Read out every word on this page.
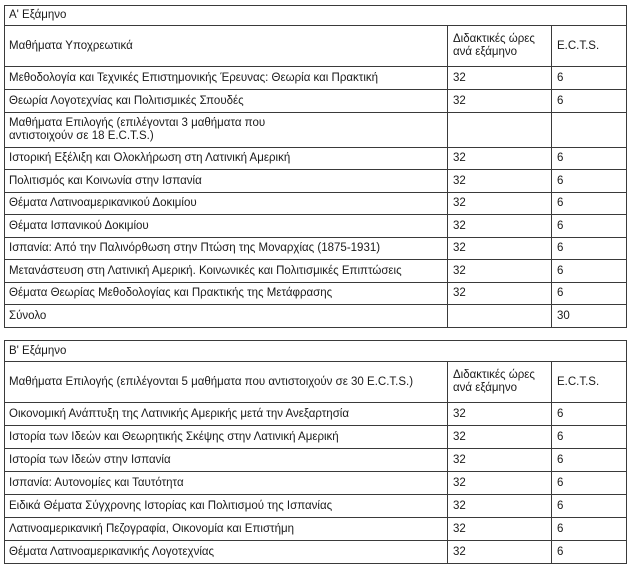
Α' Εξάμηνο		
Μαθήματα Υποχρεωτικά	Διδακτικές ώρες ανά εξάμηνο	E.C.T.S.
Μεθοδολογία και Τεχνικές Επιστημονικής Έρευνας: Θεωρία και Πρακτική	32	6
Θεωρία Λογοτεχνίας και Πολιτισμικές Σπουδές	32	6
Μαθήματα Επιλογής (επιλέγονται 3 μαθήματα που αντιστοιχούν σε 18 E.C.T.S.)		
Ιστορική Εξέλιξη και Ολοκλήρωση στη Λατινική Αμερική	32	6
Πολιτισμός και Κοινωνία στην Ισπανία	32	6
Θέματα Λατινοαμερικανικού Δοκιμίου	32	6
Θέματα Ισπανικού Δοκιμίου	32	6
Ισπανία: Από την Παλινόρθωση στην Πτώση της Μοναρχίας (1875-1931)	32	6
Μετανάστευση στη Λατινική Αμερική. Κοινωνικές και Πολιτισμικές Επιπτώσεις	32	6
Θέματα Θεωρίας Μεθοδολογίας και Πρακτικής της Μετάφρασης	32	6
Σύνολο		30
Β' Εξάμηνο		
Μαθήματα Επιλογής (επιλέγονται 5 μαθήματα που αντιστοιχούν σε 30 E.C.T.S.)	Διδακτικές ώρες ανά εξάμηνο	E.C.T.S.
Οικονομική Ανάπτυξη της Λατινικής Αμερικής μετά την Ανεξαρτησία	32	6
Ιστορία των Ιδεών και Θεωρητικής Σκέψης στην Λατινική Αμερική	32	6
Ιστορία των Ιδεών στην Ισπανία	32	6
Ισπανία: Αυτονομίες και Ταυτότητα	32	6
Ειδικά Θέματα Σύγχρονης Ιστορίας και Πολιτισμού της Ισπανίας	32	6
Λατινοαμερικανική Πεζογραφία, Οικονομία και Επιστήμη	32	6
Θέματα Λατινοαμερικανικής Λογοτεχνίας	32	6
